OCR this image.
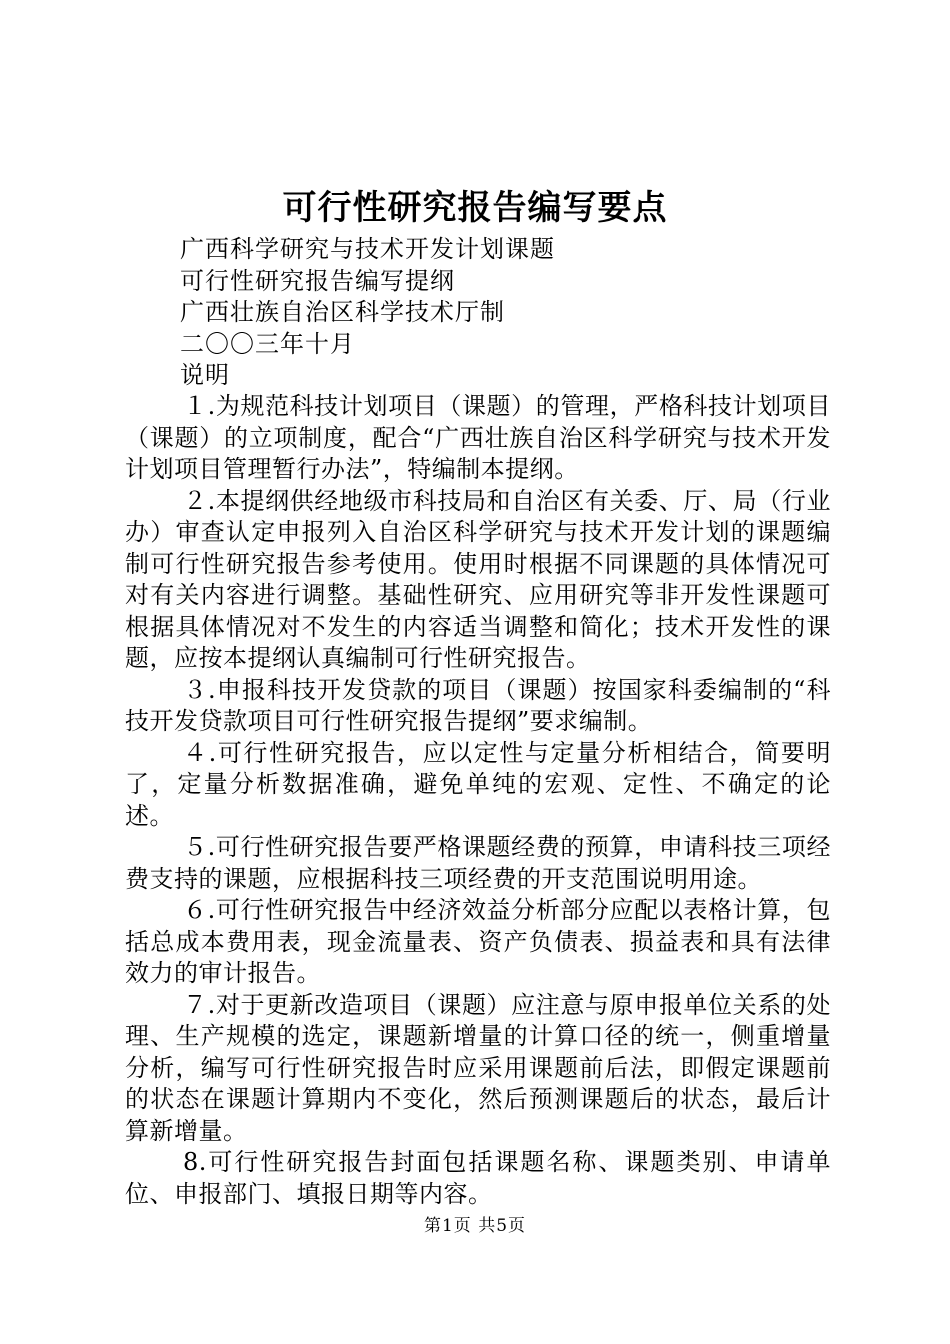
可行性研究报告编写要点
广西科学研究与技术开发计划课题
可行性研究报告编写提纲
广西壮族自治区科学技术厅制
二〇〇三年十月
说明

１.为规范科技计划项目（课题）的管理，严格科技计划项目（课题）的立项制度，配合“广西壮族自治区科学研究与技术开发计划项目管理暂行办法”，特编制本提纲。

２.本提纲供经地级市科技局和自治区有关委、厅、局（行业办）审查认定申报列入自治区科学研究与技术开发计划的课题编制可行性研究报告参考使用。使用时根据不同课题的具体情况可对有关内容进行调整。基础性研究、应用研究等非开发性课题可根据具体情况对不发生的内容适当调整和简化；技术开发性的课题，应按本提纲认真编制可行性研究报告。

３.申报科技开发贷款的项目（课题）按国家科委编制的“科技开发贷款项目可行性研究报告提纲”要求编制。

４.可行性研究报告，应以定性与定量分析相结合，简要明了，定量分析数据准确，避免单纯的宏观、定性、不确定的论述。

５.可行性研究报告要严格课题经费的预算，申请科技三项经费支持的课题，应根据科技三项经费的开支范围说明用途。

６.可行性研究报告中经济效益分析部分应配以表格计算，包括总成本费用表，现金流量表、资产负债表、损益表和具有法律效力的审计报告。

７.对于更新改造项目（课题）应注意与原申报单位关系的处理、生产规模的选定，课题新增量的计算口径的统一，侧重增量分析，编写可行性研究报告时应采用课题前后法，即假定课题前的状态在课题计算期内不变化，然后预测课题后的状态，最后计算新增量。

8.可行性研究报告封面包括课题名称、课题类别、申请单位、申报部门、填报日期等内容。

第1页 共5页
